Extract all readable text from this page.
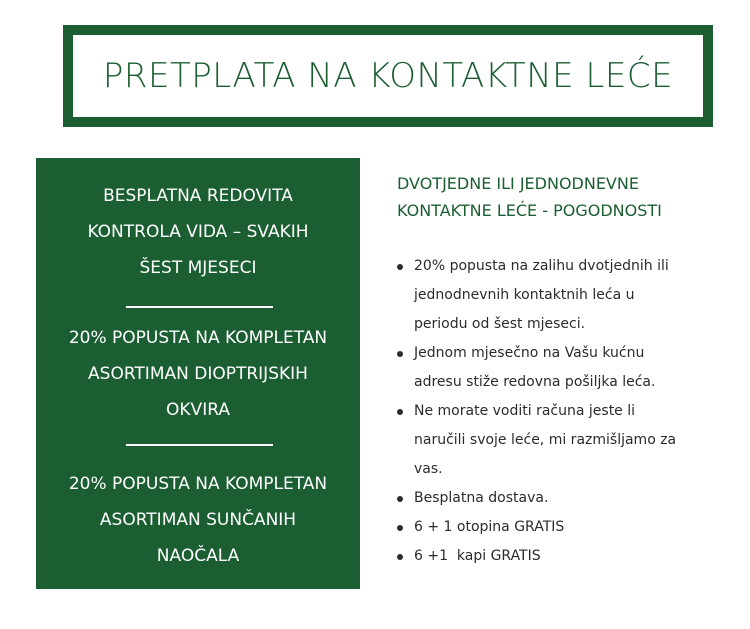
PRETPLATA NA KONTAKTNE LEĆE
BESPLATNA REDOVITA
KONTROLA VIDA – SVAKIH
ŠEST MJESECI
20% POPUSTA NA KOMPLETAN
ASORTIMAN DIOPTRIJSKIH
OKVIRA
20% POPUSTA NA KOMPLETAN
ASORTIMAN SUNČANIH
NAOČALA
DVOTJEDNE ILI JEDNODNEVNE
KONTAKTNE LEĆE - POGODNOSTI
20% popusta na zalihu dvotjednih ili
jednodnevnih kontaktnih leća u
periodu od šest mjeseci.
Jednom mjesečno na Vašu kućnu
adresu stiže redovna pošiljka leća.
Ne morate voditi računa jeste li
naručili svoje leće, mi razmišljamo za
vas.
Besplatna dostava.
6 + 1 otopina GRATIS
6 +1  kapi GRATIS
